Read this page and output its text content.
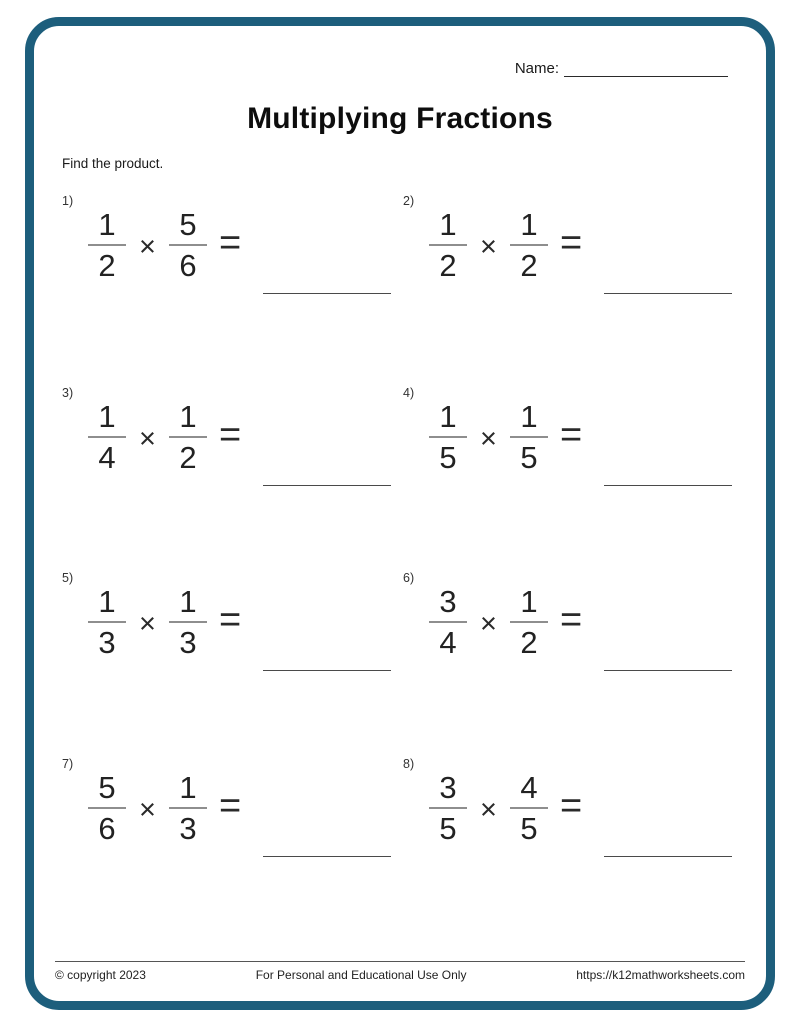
Name:
Multiplying Fractions
Find the product.
1)
$\frac{1}{2} \times \frac{5}{6}$ =
2)
$\frac{1}{2} \times \frac{1}{2}$ =
3)
$\frac{1}{4} \times \frac{1}{2}$ =
4)
$\frac{1}{5} \times \frac{1}{5}$ =
5)
$\frac{1}{3} \times \frac{1}{3}$ =
6)
$\frac{3}{4} \times \frac{1}{2}$ =
7)
$\frac{5}{6} \times \frac{1}{3}$ =
8)
$\frac{3}{5} \times \frac{4}{5}$ =
© copyright 2023	For Personal and Educational Use Only	https://k12mathworksheets.com
